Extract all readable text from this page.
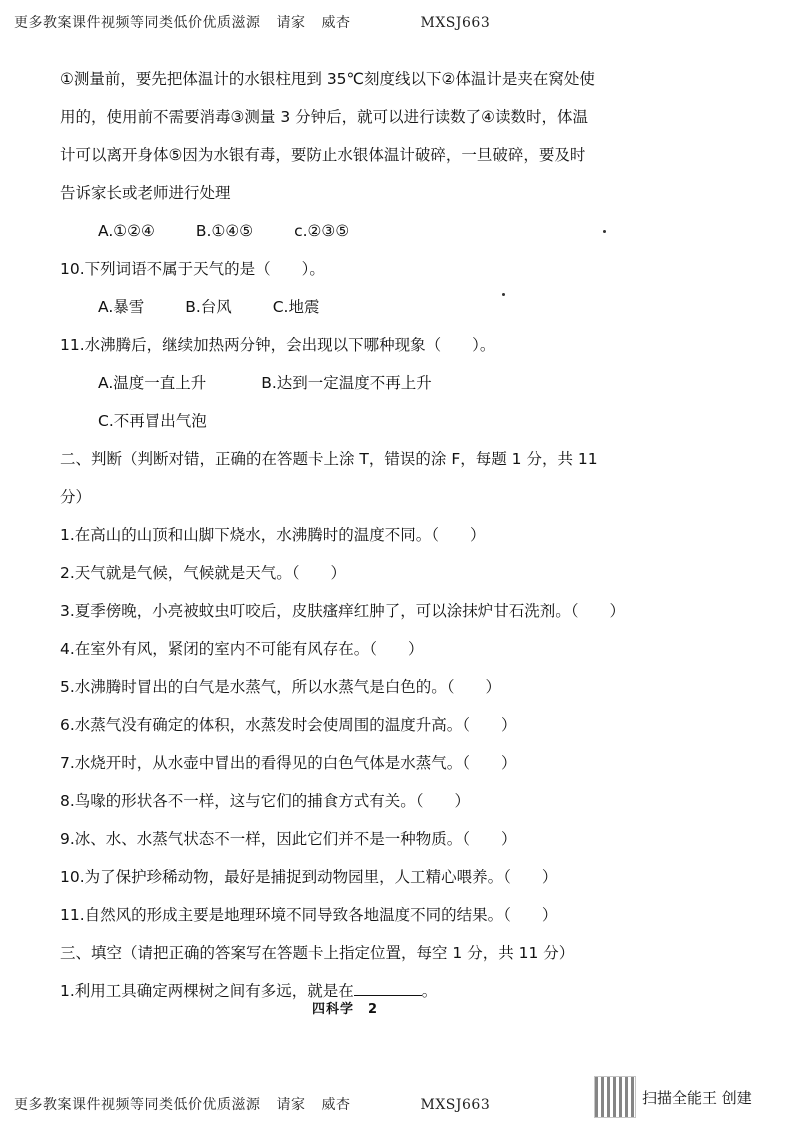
更多教案课件视频等同类低价优质滋源 请家 威杏	MXSJ663
①测量前，要先把体温计的水银柱甩到 35℃刻度线以下②体温计是夹在窝处使
用的，使用前不需要消毒③测量 3 分钟后，就可以进行读数了④读数时，体温
计可以离开身体⑤因为水银有毒，要防止水银体温计破碎，一旦破碎，要及时
告诉家长或老师进行处理
A.①②④	B.①④⑤	c.②③⑤
10.下列词语不属于天气的是（　　）。
A.暴雪	B.台风	C.地震
11.水沸腾后，继续加热两分钟，会出现以下哪种现象（　　）。
A.温度一直上升	B.达到一定温度不再上升
C.不再冒出气泡
二、判断（判断对错，正确的在答题卡上涂 T，错误的涂 F，每题 1 分，共 11
分）
1.在高山的山顶和山脚下烧水，水沸腾时的温度不同。（　　）
2.天气就是气候，气候就是天气。（　　）
3.夏季傍晚，小亮被蚊虫叮咬后，皮肤瘙痒红肿了，可以涂抹炉甘石洗剂。（　　）
4.在室外有风，紧闭的室内不可能有风存在。（　　）
5.水沸腾时冒出的白气是水蒸气，所以水蒸气是白色的。（　　）
6.水蒸气没有确定的体积，水蒸发时会使周围的温度升高。（　　）
7.水烧开时，从水壶中冒出的看得见的白色气体是水蒸气。（　　）
8.鸟喙的形状各不一样，这与它们的捕食方式有关。（　　）
9.冰、水、水蒸气状态不一样，因此它们并不是一种物质。（　　）
10.为了保护珍稀动物，最好是捕捉到动物园里，人工精心喂养。（　　）
11.自然风的形成主要是地理环境不同导致各地温度不同的结果。（　　）
三、填空（请把正确的答案写在答题卡上指定位置，每空 1 分，共 11 分）
1.利用工具确定两棵树之间有多远，就是在	。
四科学　2
更多教案课件视频等同类低价优质滋源 请家 威杏	MXSJ663	扫描全能王 创建
